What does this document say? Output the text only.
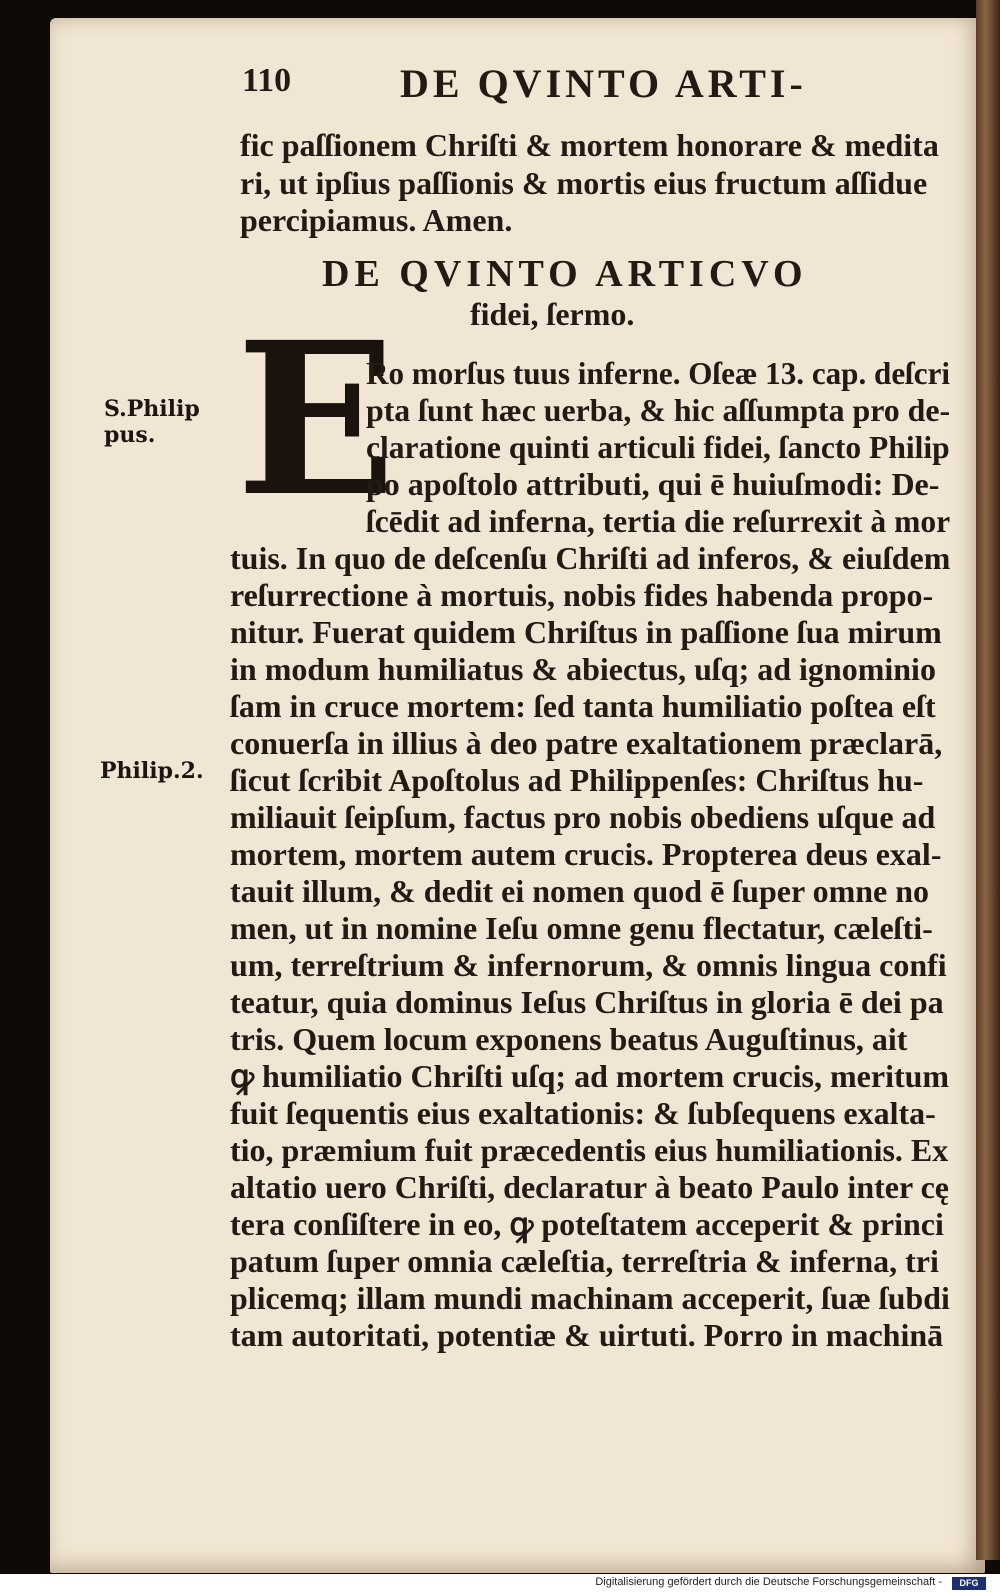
110	DE QVINTO ARTI-
fic paſſionem Chriſti & mortem honorare & medita
ri, ut ipſius paſſionis & mortis eius fructum aſſidue
percipiamus. Amen.
DE QVINTO ARTICVO
fidei, ſermo.
E
S.Philip
pus.
Philip.2.
Ro morſus tuus inferne. Oſeæ 13. cap. deſcri
pta ſunt hæc uerba, & hic aſſumpta pro de-
claratione quinti articuli fidei, ſancto Philip
po apoſtolo attributi, qui ē huiuſmodi: De-
ſcēdit ad inferna, tertia die reſurrexit à mor
tuis. In quo de deſcenſu Chriſti ad inferos, & eiuſdem
reſurrectione à mortuis, nobis fides habenda propo-
nitur. Fuerat quidem Chriſtus in paſſione ſua mirum
in modum humiliatus & abiectus, uſq; ad ignominio
ſam in cruce mortem: ſed tanta humiliatio poſtea eſt
conuerſa in illius à deo patre exaltationem præclarā,
ſicut ſcribit Apoſtolus ad Philippenſes: Chriſtus hu-
miliauit ſeipſum, factus pro nobis obediens uſque ad
mortem, mortem autem crucis. Propterea deus exal-
tauit illum, & dedit ei nomen quod ē ſuper omne no
men, ut in nomine Ieſu omne genu flectatur, cæleſti-
um, terreſtrium & infernorum, & omnis lingua confi
teatur, quia dominus Ieſus Chriſtus in gloria ē dei pa
tris. Quem locum exponens beatus Auguſtinus, ait
ꝙ humiliatio Chriſti uſq; ad mortem crucis, meritum
fuit ſequentis eius exaltationis: & ſubſequens exalta-
tio, præmium fuit præcedentis eius humiliationis. Ex
altatio uero Chriſti, declaratur à beato Paulo inter cę
tera conſiſtere in eo, ꝙ poteſtatem acceperit & princi
patum ſuper omnia cæleſtia, terreſtria & inferna, tri
plicemq; illam mundi machinam acceperit, ſuæ ſubdi
tam autoritati, potentiæ & uirtuti. Porro in machinā
Digitalisierung gefördert durch die Deutsche Forschungsgemeinschaft -	DFG
